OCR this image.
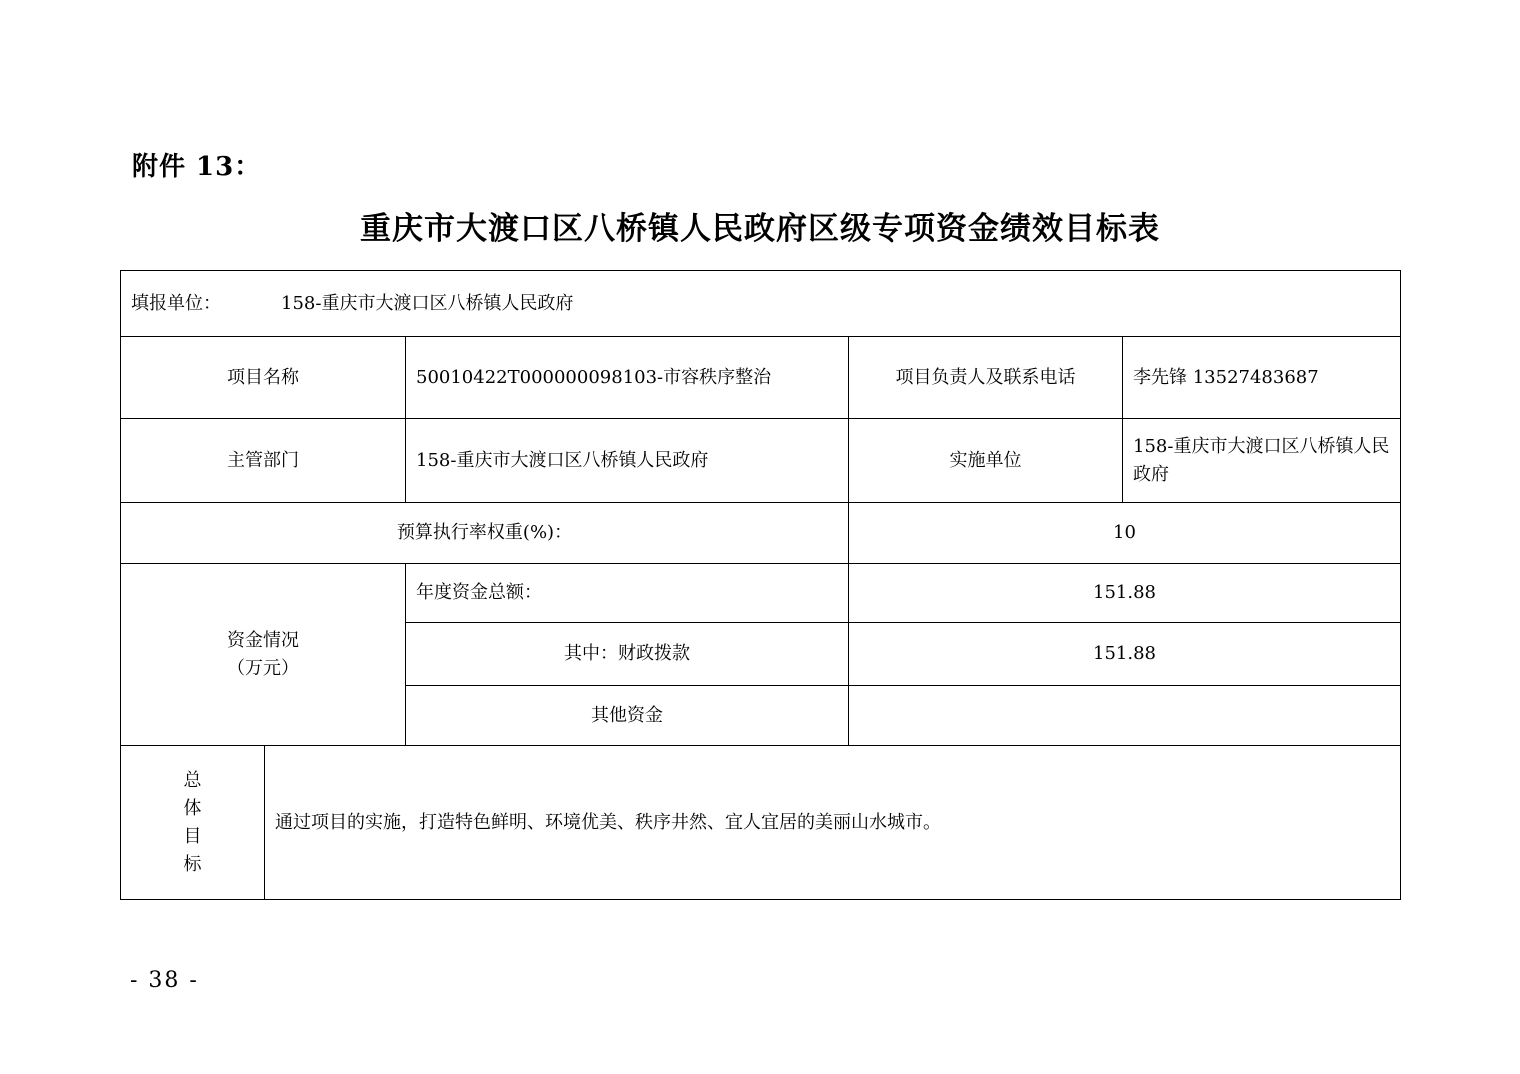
附件 13：
重庆市大渡口区八桥镇人民政府区级专项资金绩效目标表
填报单位： 158-重庆市大渡口区八桥镇人民政府				
项目名称		50010422T000000098103-市容秩序整治	项目负责人及联系电话	李先锋 13527483687
主管部门		158-重庆市大渡口区八桥镇人民政府	实施单位	158-重庆市大渡口区八桥镇人民政府
预算执行率权重(%)：			10	
资金情况
（万元）		年度资金总额：	151.88	
		其中：财政拨款	151.88	
		其他资金		

总
体
目
标	通过项目的实施，打造特色鲜明、环境优美、秩序井然、宜人宜居的美丽山水城市。			
- 38 -
